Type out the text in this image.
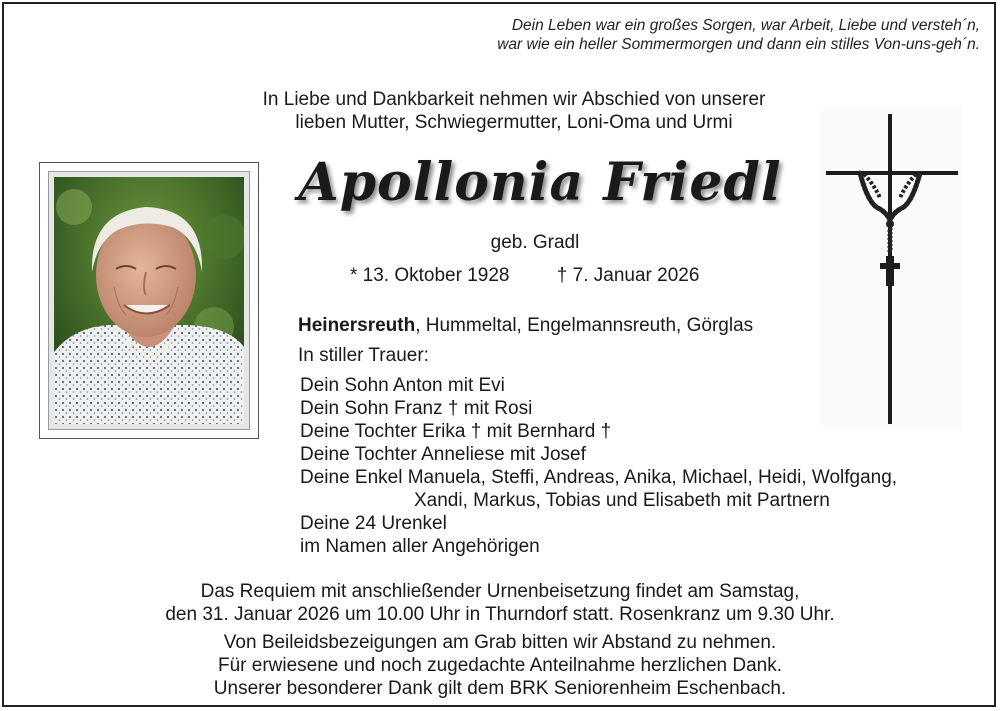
Dein Leben war ein großes Sorgen, war Arbeit, Liebe und versteh´n,
war wie ein heller Sommermorgen und dann ein stilles Von-uns-geh´n.
In Liebe und Dankbarkeit nehmen wir Abschied von unserer
lieben Mutter, Schwiegermutter, Loni-Oma und Urmi
Apollonia Friedl
geb. Gradl
* 13. Oktober 1928 † 7. Januar 2026
Heinersreuth, Hummeltal, Engelmannsreuth, Görglas
In stiller Trauer:
Dein Sohn Anton mit Evi
Dein Sohn Franz † mit Rosi
Deine Tochter Erika † mit Bernhard †
Deine Tochter Anneliese mit Josef
Deine Enkel Manuela, Steffi, Andreas, Anika, Michael, Heidi, Wolfgang,
Xandi, Markus, Tobias und Elisabeth mit Partnern
Deine 24 Urenkel
im Namen aller Angehörigen
Das Requiem mit anschließender Urnenbeisetzung findet am Samstag,
den 31. Januar 2026 um 10.00 Uhr in Thurndorf statt. Rosenkranz um 9.30 Uhr.
Von Beileidsbezeigungen am Grab bitten wir Abstand zu nehmen.
Für erwiesene und noch zugedachte Anteilnahme herzlichen Dank.
Unserer besonderer Dank gilt dem BRK Seniorenheim Eschenbach.
